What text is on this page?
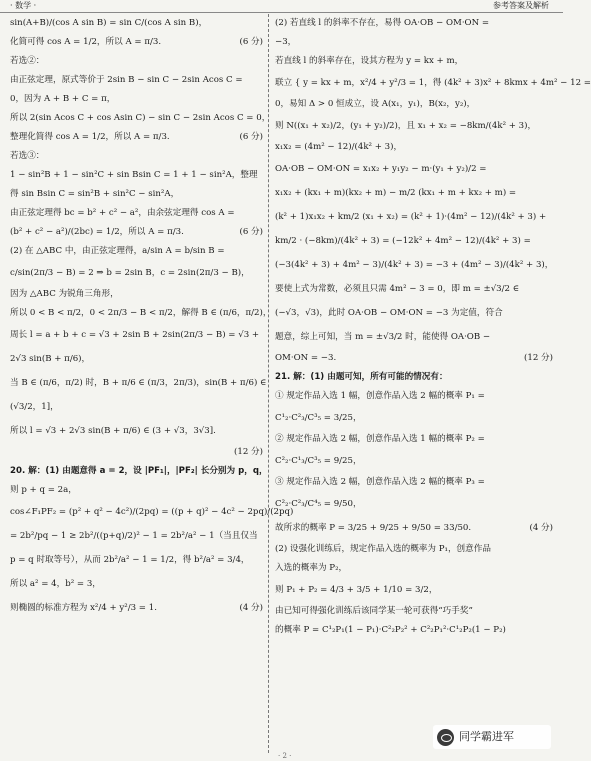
· 数学 ·	参考答案及解析
sin(A+B)/(cos A sin B) = sin C/(cos A sin B)，
(6 分)
化简可得 cos A = 1/2，所以 A = π/3.
若选②：
由正弦定理，原式等价于 2sin B − sin C − 2sin Acos C =
0，因为 A + B + C = π，
所以 2(sin Acos C + cos Asin C) − sin C − 2sin Acos C = 0，
(6 分)
整理化简得 cos A = 1/2，所以 A = π/3.
若选③：
1 − sin²B + 1 − sin²C + sin Bsin C = 1 + 1 − sin²A，整理
得 sin Bsin C = sin²B + sin²C − sin²A，
由正弦定理得 bc = b² + c² − a²，由余弦定理得 cos A =
(6 分)
(b² + c² − a²)/(2bc) = 1/2，所以 A = π/3.
(2) 在 △ABC 中，由正弦定理得，a/sin A = b/sin B =
c/sin(2π/3 − B) = 2 ⇒ b = 2sin B，c = 2sin(2π/3 − B)，
因为 △ABC 为锐角三角形，
所以 0 < B < π/2，0 < 2π/3 − B < π/2，解得 B ∈ (π/6，π/2)，
周长 l = a + b + c = √3 + 2sin B + 2sin(2π/3 − B) = √3 +
2√3 sin(B + π/6)，
当 B ∈ (π/6，π/2) 时，B + π/6 ∈ (π/3，2π/3)，sin(B + π/6) ∈
(√3/2，1]，
所以 l = √3 + 2√3 sin(B + π/6) ∈ (3 + √3，3√3].
(12 分)
20. 解：(1) 由题意得 a = 2，设 |PF₁|，|PF₂| 长分别为 p，q，
则 p + q = 2a，
cos∠F₁PF₂ = (p² + q² − 4c²)/(2pq) = ((p + q)² − 4c² − 2pq)/(2pq)
= 2b²/pq − 1 ≥ 2b²/((p+q)/2)² − 1 = 2b²/a² − 1（当且仅当
p = q 时取等号），从而 2b²/a² − 1 = 1/2，得 b²/a² = 3/4，
所以 a² = 4，b² = 3，
(4 分)
则椭圆的标准方程为 x²/4 + y²/3 = 1.
(2) 若直线 l 的斜率不存在，易得 OA·OB − OM·ON =
−3，
若直线 l 的斜率存在，设其方程为 y = kx + m，
联立 { y = kx + m，x²/4 + y²/3 = 1，得 (4k² + 3)x² + 8kmx + 4m² − 12 =
0，易知 Δ > 0 恒成立，设 A(x₁，y₁)，B(x₂，y₂)，
则 N((x₁ + x₂)/2，(y₁ + y₂)/2)，且 x₁ + x₂ = −8km/(4k² + 3)，
x₁x₂ = (4m² − 12)/(4k² + 3)，
OA·OB − OM·ON = x₁x₂ + y₁y₂ − m·(y₁ + y₂)/2 =
x₁x₂ + (kx₁ + m)(kx₂ + m) − m/2 (kx₁ + m + kx₂ + m) =
(k² + 1)x₁x₂ + km/2 (x₁ + x₂) = (k² + 1)·(4m² − 12)/(4k² + 3) +
km/2 · (−8km)/(4k² + 3) = (−12k² + 4m² − 12)/(4k² + 3) =
(−3(4k² + 3) + 4m² − 3)/(4k² + 3) = −3 + (4m² − 3)/(4k² + 3)，
要使上式为常数，必须且只需 4m² − 3 = 0，即 m = ±√3/2 ∈
(−√3，√3)，此时 OA·OB − OM·ON = −3 为定值，符合
题意，综上可知，当 m = ±√3/2 时，能使得 OA·OB −
(12 分)
OM·ON = −3.
21. 解：(1) 由题可知，所有可能的情况有：
① 规定作品入选 1 幅，创意作品入选 2 幅的概率 P₁ =
C¹₂·C²₃/C³₅ = 3/25，
② 规定作品入选 2 幅，创意作品入选 1 幅的概率 P₂ =
C²₂·C¹₃/C³₅ = 9/25，
③ 规定作品入选 2 幅，创意作品入选 2 幅的概率 P₃ =
C²₂·C²₃/C⁴₅ = 9/50，
(4 分)
故所求的概率 P = 3/25 + 9/25 + 9/50 = 33/50.
(2) 设强化训练后，规定作品入选的概率为 P₁，创意作品
入选的概率为 P₂，
则 P₁ + P₂ = 4/3 + 3/5 + 1/10 = 3/2，
由已知可得强化训练后该同学某一轮可获得“巧手奖”
的概率 P = C¹₂P₁(1 − P₁)·C²₂P₂² + C²₂P₁²·C¹₂P₂(1 − P₂)
· 2 ·
同学霸进军
